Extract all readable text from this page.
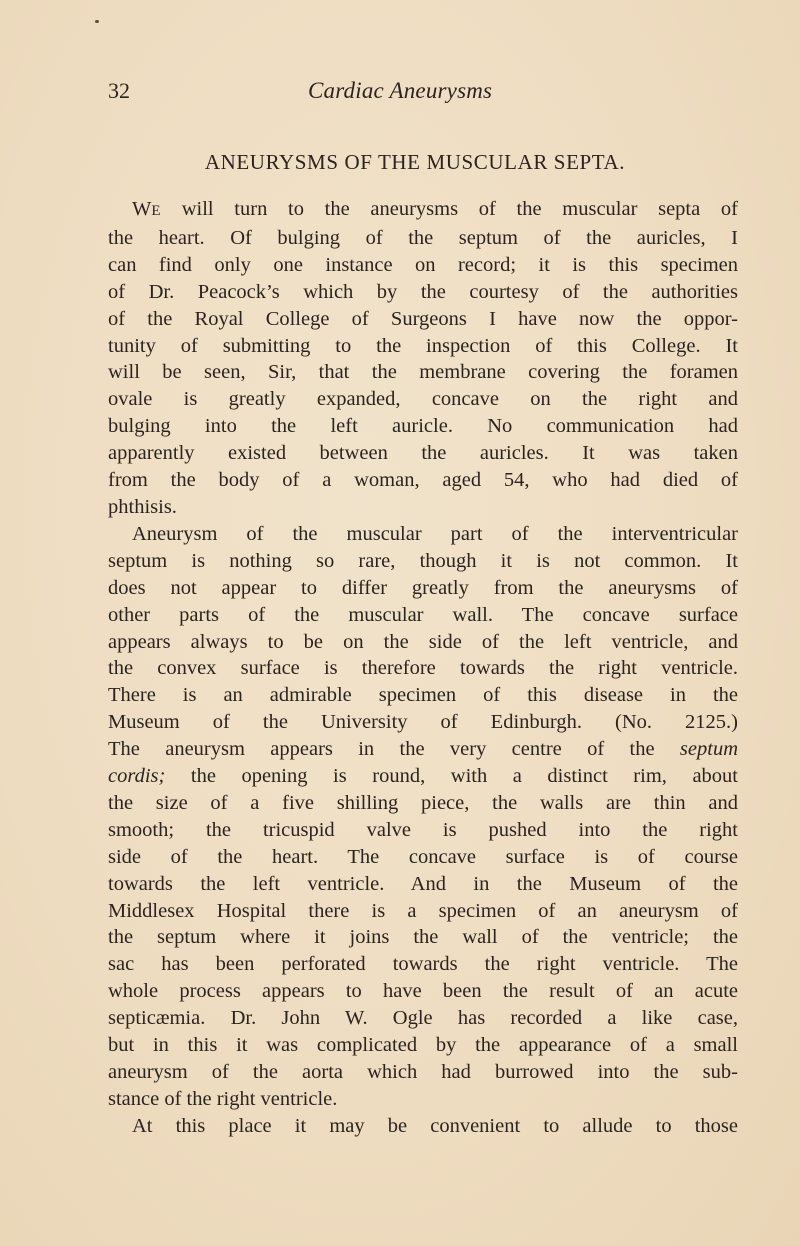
32	Cardiac Aneurysms
ANEURYSMS OF THE MUSCULAR SEPTA.
WE will turn to the aneurysms of the muscular septa of
the heart. Of bulging of the septum of the auricles, I
can find only one instance on record; it is this specimen
of Dr. Peacock’s which by the courtesy of the authorities
of the Royal College of Surgeons I have now the oppor-
tunity of submitting to the inspection of this College. It
will be seen, Sir, that the membrane covering the foramen
ovale is greatly expanded, concave on the right and
bulging into the left auricle. No communication had
apparently existed between the auricles. It was taken
from the body of a woman, aged 54, who had died of
phthisis.
Aneurysm of the muscular part of the interventricular
septum is nothing so rare, though it is not common. It
does not appear to differ greatly from the aneurysms of
other parts of the muscular wall. The concave surface
appears always to be on the side of the left ventricle, and
the convex surface is therefore towards the right ventricle.
There is an admirable specimen of this disease in the
Museum of the University of Edinburgh. (No. 2125.)
The aneurysm appears in the very centre of the septum
cordis; the opening is round, with a distinct rim, about
the size of a five shilling piece, the walls are thin and
smooth; the tricuspid valve is pushed into the right
side of the heart. The concave surface is of course
towards the left ventricle. And in the Museum of the
Middlesex Hospital there is a specimen of an aneurysm of
the septum where it joins the wall of the ventricle; the
sac has been perforated towards the right ventricle. The
whole process appears to have been the result of an acute
septicæmia. Dr. John W. Ogle has recorded a like case,
but in this it was complicated by the appearance of a small
aneurysm of the aorta which had burrowed into the sub-
stance of the right ventricle.
At this place it may be convenient to allude to those
